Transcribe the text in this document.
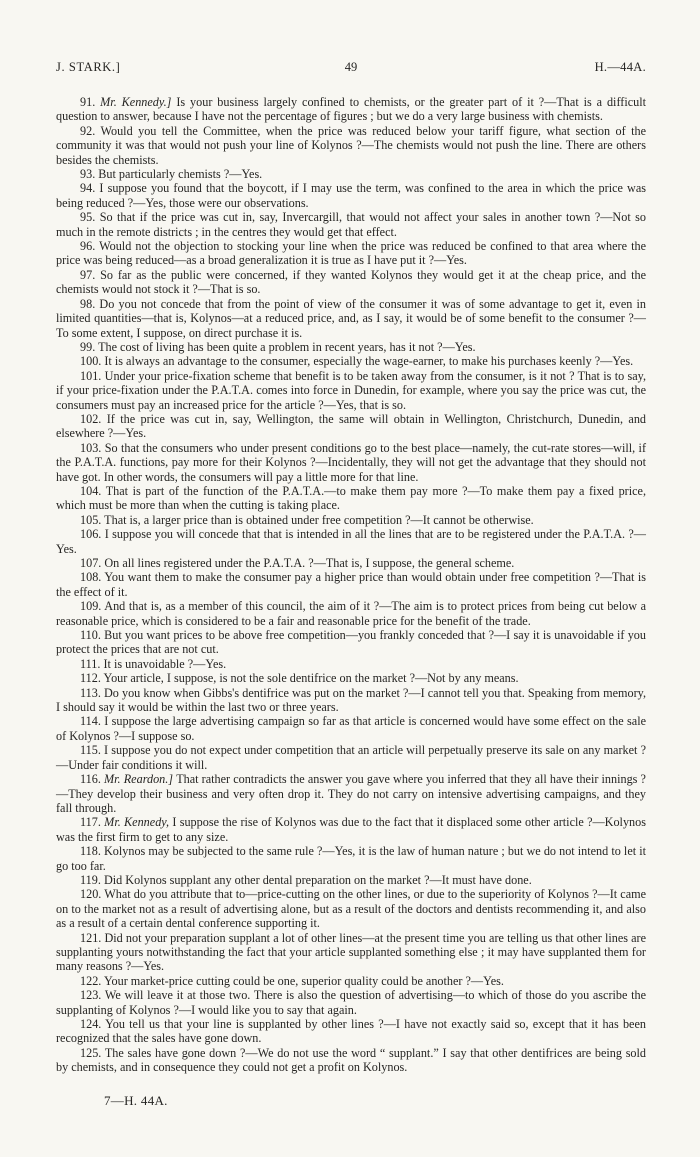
J. STARK.]	49	H.—44A.

91. Mr. Kennedy.] Is your business largely confined to chemists, or the greater part of it ?—That is a difficult question to answer, because I have not the percentage of figures ; but we do a very large business with chemists.

92. Would you tell the Committee, when the price was reduced below your tariff figure, what section of the community it was that would not push your line of Kolynos ?—The chemists would not push the line. There are others besides the chemists.

93. But particularly chemists ?—Yes.

94. I suppose you found that the boycott, if I may use the term, was confined to the area in which the price was being reduced ?—Yes, those were our observations.

95. So that if the price was cut in, say, Invercargill, that would not affect your sales in another town ?—Not so much in the remote districts ; in the centres they would get that effect.

96. Would not the objection to stocking your line when the price was reduced be confined to that area where the price was being reduced—as a broad generalization it is true as I have put it ?—Yes.

97. So far as the public were concerned, if they wanted Kolynos they would get it at the cheap price, and the chemists would not stock it ?—That is so.

98. Do you not concede that from the point of view of the consumer it was of some advantage to get it, even in limited quantities—that is, Kolynos—at a reduced price, and, as I say, it would be of some benefit to the consumer ?—To some extent, I suppose, on direct purchase it is.

99. The cost of living has been quite a problem in recent years, has it not ?—Yes.

100. It is always an advantage to the consumer, especially the wage-earner, to make his purchases keenly ?—Yes.

101. Under your price-fixation scheme that benefit is to be taken away from the consumer, is it not ? That is to say, if your price-fixation under the P.A.T.A. comes into force in Dunedin, for example, where you say the price was cut, the consumers must pay an increased price for the article ?—Yes, that is so.

102. If the price was cut in, say, Wellington, the same will obtain in Wellington, Christchurch, Dunedin, and elsewhere ?—Yes.

103. So that the consumers who under present conditions go to the best place—namely, the cut-rate stores—will, if the P.A.T.A. functions, pay more for their Kolynos ?—Incidentally, they will not get the advantage that they should not have got. In other words, the consumers will pay a little more for that line.

104. That is part of the function of the P.A.T.A.—to make them pay more ?—To make them pay a fixed price, which must be more than when the cutting is taking place.

105. That is, a larger price than is obtained under free competition ?—It cannot be otherwise.

106. I suppose you will concede that that is intended in all the lines that are to be registered under the P.A.T.A. ?—Yes.

107. On all lines registered under the P.A.T.A. ?—That is, I suppose, the general scheme.

108. You want them to make the consumer pay a higher price than would obtain under free competition ?—That is the effect of it.

109. And that is, as a member of this council, the aim of it ?—The aim is to protect prices from being cut below a reasonable price, which is considered to be a fair and reasonable price for the benefit of the trade.

110. But you want prices to be above free competition—you frankly conceded that ?—I say it is unavoidable if you protect the prices that are not cut.

111. It is unavoidable ?—Yes.

112. Your article, I suppose, is not the sole dentifrice on the market ?—Not by any means.

113. Do you know when Gibbs's dentifrice was put on the market ?—I cannot tell you that. Speaking from memory, I should say it would be within the last two or three years.

114. I suppose the large advertising campaign so far as that article is concerned would have some effect on the sale of Kolynos ?—I suppose so.

115. I suppose you do not expect under competition that an article will perpetually preserve its sale on any market ?—Under fair conditions it will.

116. Mr. Reardon.] That rather contradicts the answer you gave where you inferred that they all have their innings ?—They develop their business and very often drop it. They do not carry on intensive advertising campaigns, and they fall through.

117. Mr. Kennedy, I suppose the rise of Kolynos was due to the fact that it displaced some other article ?—Kolynos was the first firm to get to any size.

118. Kolynos may be subjected to the same rule ?—Yes, it is the law of human nature ; but we do not intend to let it go too far.

119. Did Kolynos supplant any other dental preparation on the market ?—It must have done.

120. What do you attribute that to—price-cutting on the other lines, or due to the superiority of Kolynos ?—It came on to the market not as a result of advertising alone, but as a result of the doctors and dentists recommending it, and also as a result of a certain dental conference supporting it.

121. Did not your preparation supplant a lot of other lines—at the present time you are telling us that other lines are supplanting yours notwithstanding the fact that your article supplanted something else ; it may have supplanted them for many reasons ?—Yes.

122. Your market-price cutting could be one, superior quality could be another ?—Yes.

123. We will leave it at those two. There is also the question of advertising—to which of those do you ascribe the supplanting of Kolynos ?—I would like you to say that again.

124. You tell us that your line is supplanted by other lines ?—I have not exactly said so, except that it has been recognized that the sales have gone down.

125. The sales have gone down ?—We do not use the word “ supplant.” I say that other dentifrices are being sold by chemists, and in consequence they could not get a profit on Kolynos.

7—H. 44A.
